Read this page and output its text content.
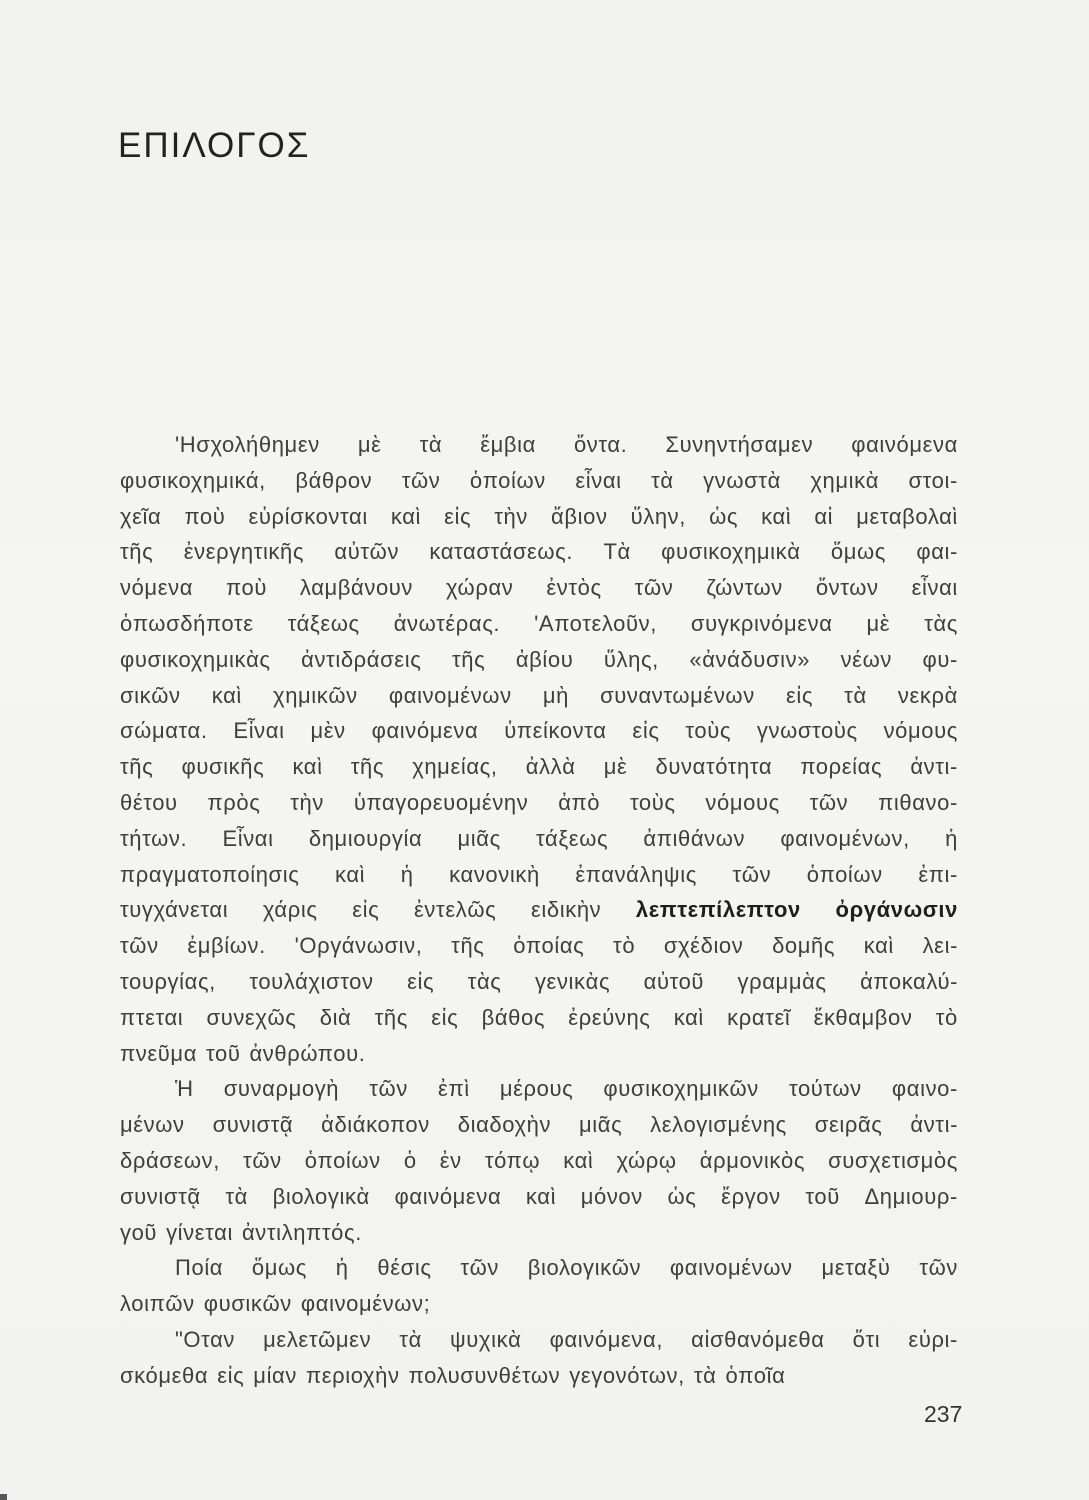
ΕΠΙΛΟΓΟΣ
'Ησχολήθημεν μὲ τὰ ἔμβια ὄντα. Συνηντήσαμεν φαινόμενα
φυσικοχημικά, βάθρον τῶν ὁποίων εἶναι τὰ γνωστὰ χημικὰ στοι-
χεῖα ποὺ εὑρίσκονται καὶ εἰς τὴν ἄβιον ὕλην, ὡς καὶ αἱ μεταβολαὶ
τῆς ἐνεργητικῆς αὐτῶν καταστάσεως. Τὰ φυσικοχημικὰ ὅμως φαι-
νόμενα ποὺ λαμβάνουν χώραν ἐντὸς τῶν ζώντων ὄντων εἶναι
ὁπωσδήποτε τάξεως ἀνωτέρας. 'Αποτελοῦν, συγκρινόμενα μὲ τὰς
φυσικοχημικὰς ἀντιδράσεις τῆς ἀβίου ὕλης, «ἀνάδυσιν» νέων φυ-
σικῶν καὶ χημικῶν φαινομένων μὴ συναντωμένων εἰς τὰ νεκρὰ
σώματα. Εἶναι μὲν φαινόμενα ὑπείκοντα εἰς τοὺς γνωστοὺς νόμους
τῆς φυσικῆς καὶ τῆς χημείας, ἀλλὰ μὲ δυνατότητα πορείας ἀντι-
θέτου πρὸς τὴν ὑπαγορευομένην ἀπὸ τοὺς νόμους τῶν πιθανο-
τήτων. Εἶναι δημιουργία μιᾶς τάξεως ἀπιθάνων φαινομένων, ἡ
πραγματοποίησις καὶ ἡ κανονικὴ ἐπανάληψις τῶν ὁποίων ἐπι-
τυγχάνεται χάρις εἰς ἐντελῶς ειδικὴν λεπτεπίλεπτον ὀργάνωσιν
τῶν ἐμβίων. 'Οργάνωσιν, τῆς ὁποίας τὸ σχέδιον δομῆς καὶ λει-
τουργίας, τουλάχιστον εἰς τὰς γενικὰς αὐτοῦ γραμμὰς ἀποκαλύ-
πτεται συνεχῶς διὰ τῆς εἰς βάθος ἐρεύνης καὶ κρατεῖ ἔκθαμβον τὸ
πνεῦμα τοῦ ἀνθρώπου.
Ἡ συναρμογὴ τῶν ἐπὶ μέρους φυσικοχημικῶν τούτων φαινο-
μένων συνιστᾷ ἀδιάκοπον διαδοχὴν μιᾶς λελογισμένης σειρᾶς ἀντι-
δράσεων, τῶν ὁποίων ὁ ἐν τόπῳ καὶ χώρῳ ἁρμονικὸς συσχετισμὸς
συνιστᾷ τὰ βιολογικὰ φαινόμενα καὶ μόνον ὡς ἔργον τοῦ Δημιουρ-
γοῦ γίνεται ἀντιληπτός.
Ποία ὅμως ἡ θέσις τῶν βιολογικῶν φαινομένων μεταξὺ τῶν
λοιπῶν φυσικῶν φαινομένων;
"Οταν μελετῶμεν τὰ ψυχικὰ φαινόμενα, αἰσθανόμεθα ὅτι εὑρι-
σκόμεθα εἰς μίαν περιοχὴν πολυσυνθέτων γεγονότων, τὰ ὁποῖα
237
